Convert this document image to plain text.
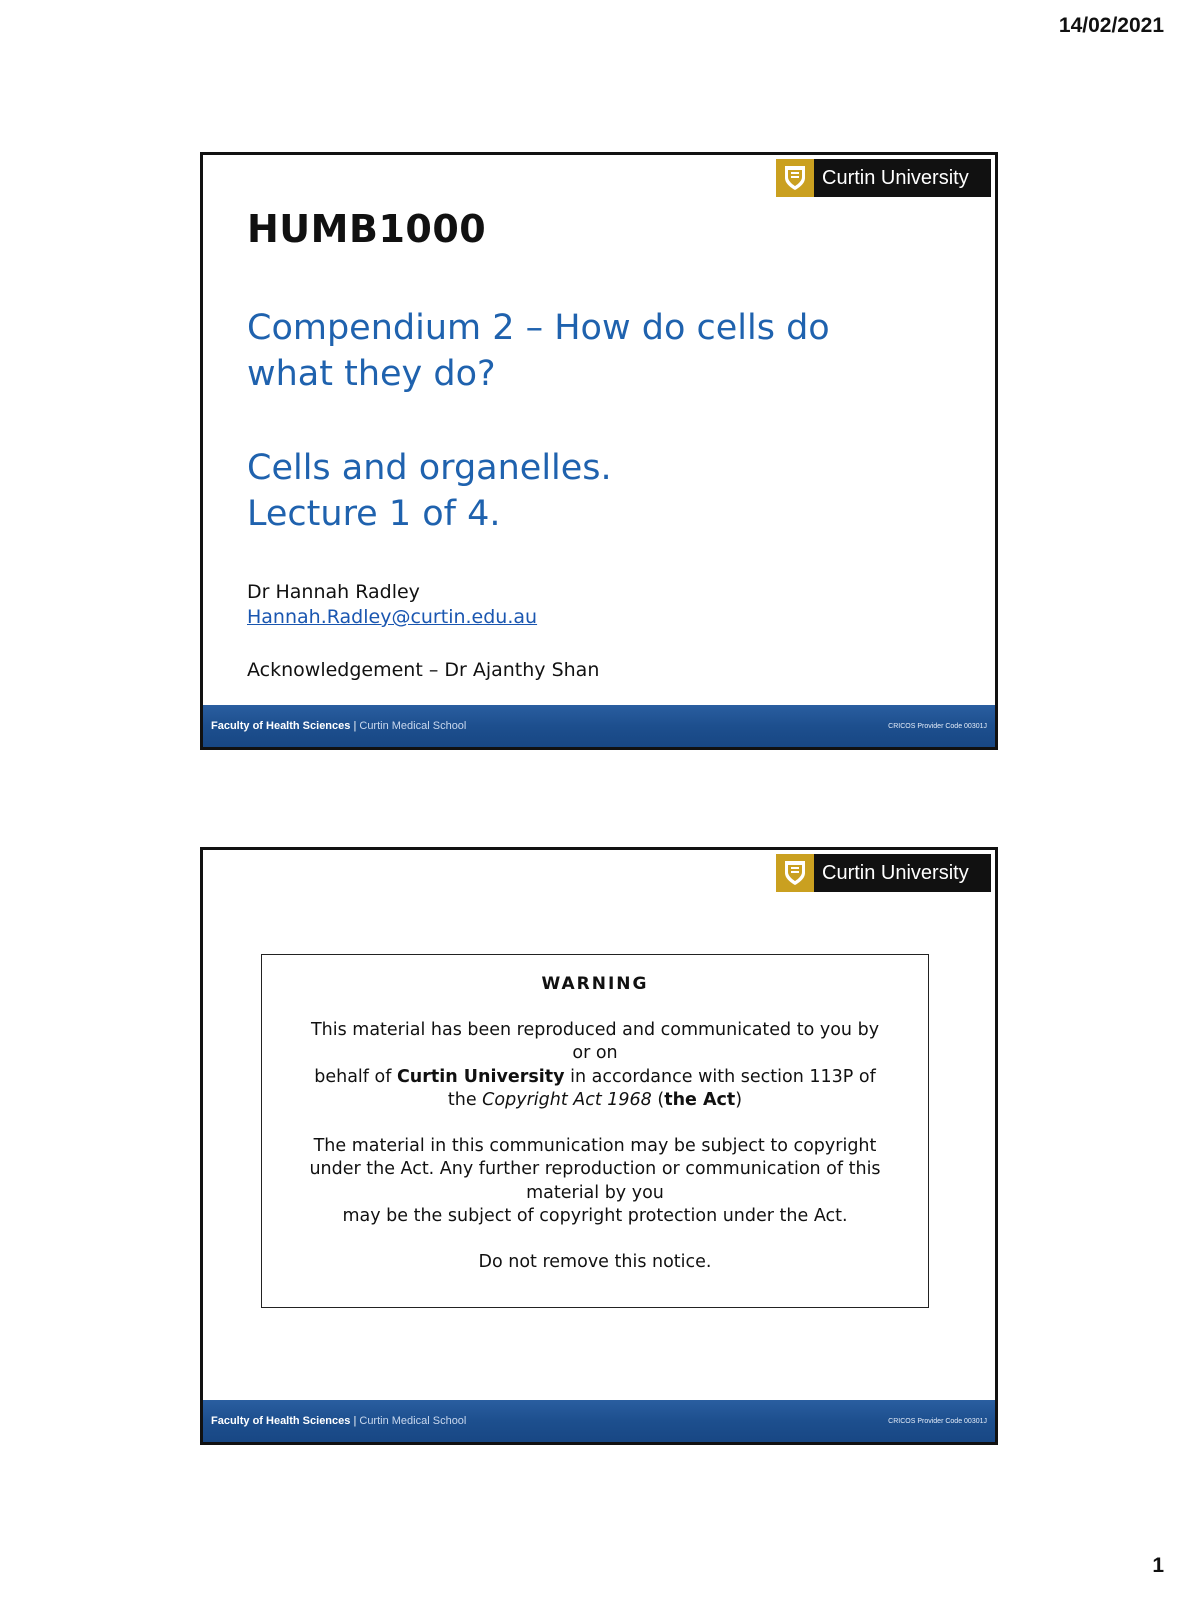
14/02/2021
Curtin University
HUMB1000

Compendium 2 – How do cells do

what they do?

Cells and organelles.

Lecture 1 of 4.

Dr Hannah Radley
Hannah.Radley@curtin.edu.au
Acknowledgement – Dr Ajanthy Shan
Faculty of Health Sciences | Curtin Medical School	CRICOS Provider Code 00301J
Curtin University
WARNING

This material has been reproduced and communicated to you by

or on

behalf of Curtin University in accordance with section 113P of

the Copyright Act 1968 (the Act)

The material in this communication may be subject to copyright

under the Act. Any further reproduction or communication of this

material by you

may be the subject of copyright protection under the Act.

Do not remove this notice.

Faculty of Health Sciences | Curtin Medical School	CRICOS Provider Code 00301J
1
